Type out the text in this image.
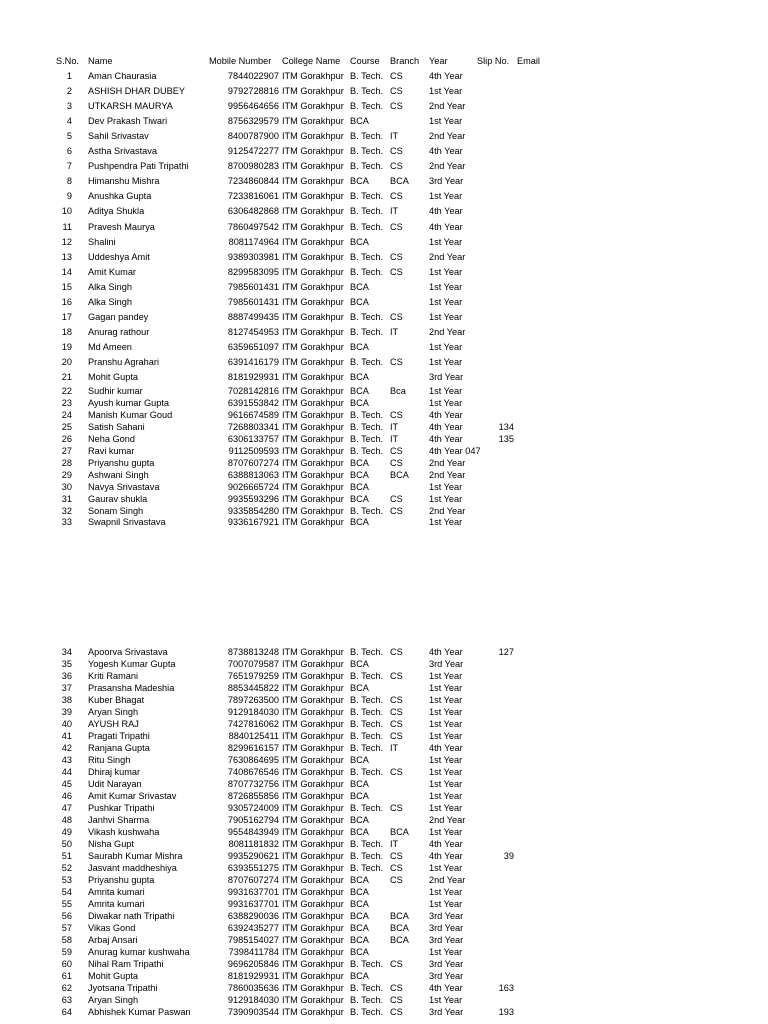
S.No. Name	Mobile Number College Name Course Branch Year	Slip No. Email
1 Aman Chaurasia	7844022907 ITM Gorakhpur B. Tech. CS	4th Year
2 ASHISH DHAR DUBEY	9792728816 ITM Gorakhpur B. Tech. CS	1st Year
3 UTKARSH MAURYA	9956464656 ITM Gorakhpur B. Tech. CS	2nd Year
4 Dev Prakash Tiwari	8756329579 ITM Gorakhpur BCA	1st Year
5 Sahil Srivastav	8400787900 ITM Gorakhpur B. Tech. IT	2nd Year
6 Astha Srivastava	9125472277 ITM Gorakhpur B. Tech. CS	4th Year
7 Pushpendra Pati Tripathi	8700980283 ITM Gorakhpur B. Tech. CS	2nd Year
8 Himanshu Mishra	7234860844 ITM Gorakhpur BCA BCA 3rd Year
9 Anushka Gupta	7233816061 ITM Gorakhpur B. Tech. CS	1st Year
10 Aditya Shukla	6306482868 ITM Gorakhpur B. Tech. IT	4th Year
11 Pravesh Maurya	7860497542 ITM Gorakhpur B. Tech. CS	4th Year
12 Shalini	8081174964 ITM Gorakhpur BCA	1st Year
13 Uddeshya Amit	9389303981 ITM Gorakhpur B. Tech. CS	2nd Year
14 Amit Kumar	8299583095 ITM Gorakhpur B. Tech. CS	1st Year
15 Alka Singh	7985601431 ITM Gorakhpur BCA	1st Year
16 Alka Singh	7985601431 ITM Gorakhpur BCA	1st Year
17 Gagan pandey	8887499435 ITM Gorakhpur B. Tech. CS	1st Year
18 Anurag rathour	8127454953 ITM Gorakhpur B. Tech. IT	2nd Year
19 Md Ameen	6359651097 ITM Gorakhpur BCA	1st Year
20 Pranshu Agrahari	6391416179 ITM Gorakhpur B. Tech. CS	1st Year
21 Mohit Gupta	8181929931 ITM Gorakhpur BCA	3rd Year
22 Sudhir kumar	7028142816 ITM Gorakhpur BCA Bca	1st Year
23 Ayush kumar Gupta	6391553842 ITM Gorakhpur BCA	1st Year
24 Manish Kumar Goud	9616674589 ITM Gorakhpur B. Tech. CS	4th Year
25 Satish Sahani	7268803341 ITM Gorakhpur B. Tech. IT	4th Year	134
26 Neha Gond	6306133757 ITM Gorakhpur B. Tech. IT	4th Year	135
27 Ravi kumar	9112509593 ITM Gorakhpur B. Tech. CS	4th Year 047
28 Priyanshu gupta	8707607274 ITM Gorakhpur BCA CS	2nd Year
29 Ashwani Singh	6388813063 ITM Gorakhpur BCA BCA 2nd Year
30 Navya Srivastava	9026665724 ITM Gorakhpur BCA	1st Year
31 Gaurav shukla	9935593296 ITM Gorakhpur BCA CS	1st Year
32 Sonam Singh	9335854280 ITM Gorakhpur B. Tech. CS	2nd Year
33 Swapnil Srivastava	9336167921 ITM Gorakhpur BCA	1st Year
34 Apoorva Srivastava	8738813248 ITM Gorakhpur B. Tech. CS	4th Year	127
35 Yogesh Kumar Gupta	7007079587 ITM Gorakhpur BCA	3rd Year
36 Kriti Ramani	7651979259 ITM Gorakhpur B. Tech. CS	1st Year
37 Prasansha Madeshia	8853445822 ITM Gorakhpur BCA	1st Year
38 Kuber Bhagat	7897263500 ITM Gorakhpur B. Tech. CS	1st Year
39 Aryan Singh	9129184030 ITM Gorakhpur B. Tech. CS	1st Year
40 AYUSH RAJ	7427816062 ITM Gorakhpur B. Tech. CS	1st Year
41 Pragati Tripathi	8840125411 ITM Gorakhpur B. Tech. CS	1st Year
42 Ranjana Gupta	8299616157 ITM Gorakhpur B. Tech. IT	4th Year
43 Ritu Singh	7630864695 ITM Gorakhpur BCA	1st Year
44 Dhiraj kumar	7408676546 ITM Gorakhpur B. Tech. CS	1st Year
45 Udit Narayan	8707732756 ITM Gorakhpur BCA	1st Year
46 Amit Kumar Srivastav	8726855856 ITM Gorakhpur BCA	1st Year
47 Pushkar Tripathi	9305724009 ITM Gorakhpur B. Tech. CS	1st Year
48 Janhvi Sharma	7905162794 ITM Gorakhpur BCA	2nd Year
49 Vikash kushwaha	9554843949 ITM Gorakhpur BCA BCA 1st Year
50 Nisha Gupt	8081181832 ITM Gorakhpur B. Tech. IT	4th Year
51 Saurabh Kumar Mishra	9935290621 ITM Gorakhpur B. Tech. CS	4th Year	39
52 Jasvant maddheshiya	6393551275 ITM Gorakhpur B. Tech. CS	1st Year
53 Priyanshu gupta	8707607274 ITM Gorakhpur BCA CS	2nd Year
54 Amrita kumari	9931637701 ITM Gorakhpur BCA	1st Year
55 Amrita kumari	9931637701 ITM Gorakhpur BCA	1st Year
56 Diwakar nath Tripathi	6388290036 ITM Gorakhpur BCA BCA 3rd Year
57 Vikas Gond	6392435277 ITM Gorakhpur BCA BCA 3rd Year
58 Arbaj Ansari	7985154027 ITM Gorakhpur BCA BCA 3rd Year
59 Anurag kumar kushwaha	7398411784 ITM Gorakhpur BCA	1st Year
60 Nihal Ram Tripathi	9696205846 ITM Gorakhpur B. Tech. CS	3rd Year
61 Mohit Gupta	8181929931 ITM Gorakhpur BCA	3rd Year
62 Jyotsana Tripathi	7860035636 ITM Gorakhpur B. Tech. CS	4th Year	163
63 Aryan Singh	9129184030 ITM Gorakhpur B. Tech. CS	1st Year
64 Abhishek Kumar Paswan	7390903544 ITM Gorakhpur B. Tech. CS	3rd Year	193
